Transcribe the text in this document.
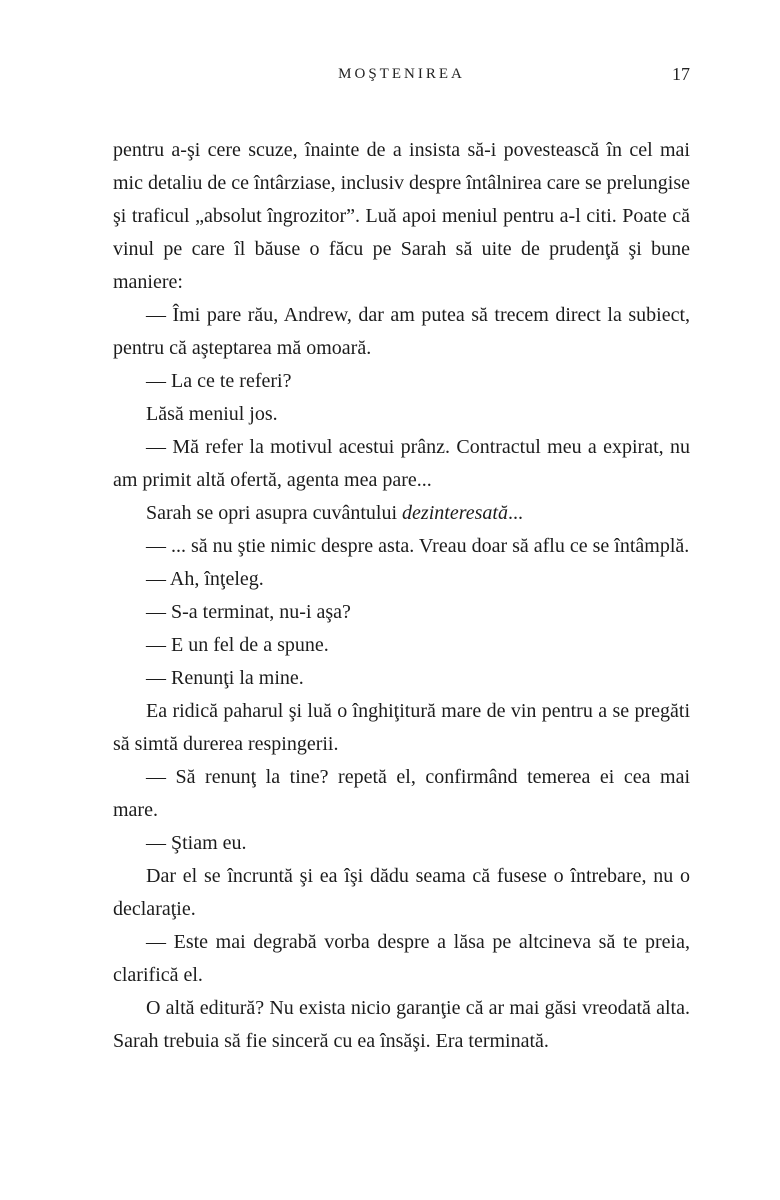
MOŞTENIREA	17

pentru a-şi cere scuze, înainte de a insista să-i povestească în cel mai mic detaliu de ce întârziase, inclusiv despre întâlnirea care se prelungise şi traficul „absolut îngrozitor”. Luă apoi meniul pentru a-l citi. Poate că vinul pe care îl băuse o făcu pe Sarah să uite de prudenţă şi bune maniere:

— Îmi pare rău, Andrew, dar am putea să trecem direct la subiect, pentru că aşteptarea mă omoară.

— La ce te referi?

Lăsă meniul jos.

— Mă refer la motivul acestui prânz. Contractul meu a expirat, nu am primit altă ofertă, agenta mea pare...

Sarah se opri asupra cuvântului dezinteresată...

— ... să nu ştie nimic despre asta. Vreau doar să aflu ce se întâmplă.

— Ah, înţeleg.

— S-a terminat, nu-i aşa?

— E un fel de a spune.

— Renunţi la mine.

Ea ridică paharul şi luă o înghiţitură mare de vin pentru a se pregăti să simtă durerea respingerii.

— Să renunţ la tine? repetă el, confirmând temerea ei cea mai mare.

— Ştiam eu.

Dar el se încruntă şi ea îşi dădu seama că fusese o întrebare, nu o declaraţie.

— Este mai degrabă vorba despre a lăsa pe altcineva să te preia, clarifică el.

O altă editură? Nu exista nicio garanţie că ar mai găsi vreodată alta. Sarah trebuia să fie sinceră cu ea însăşi. Era terminată.
